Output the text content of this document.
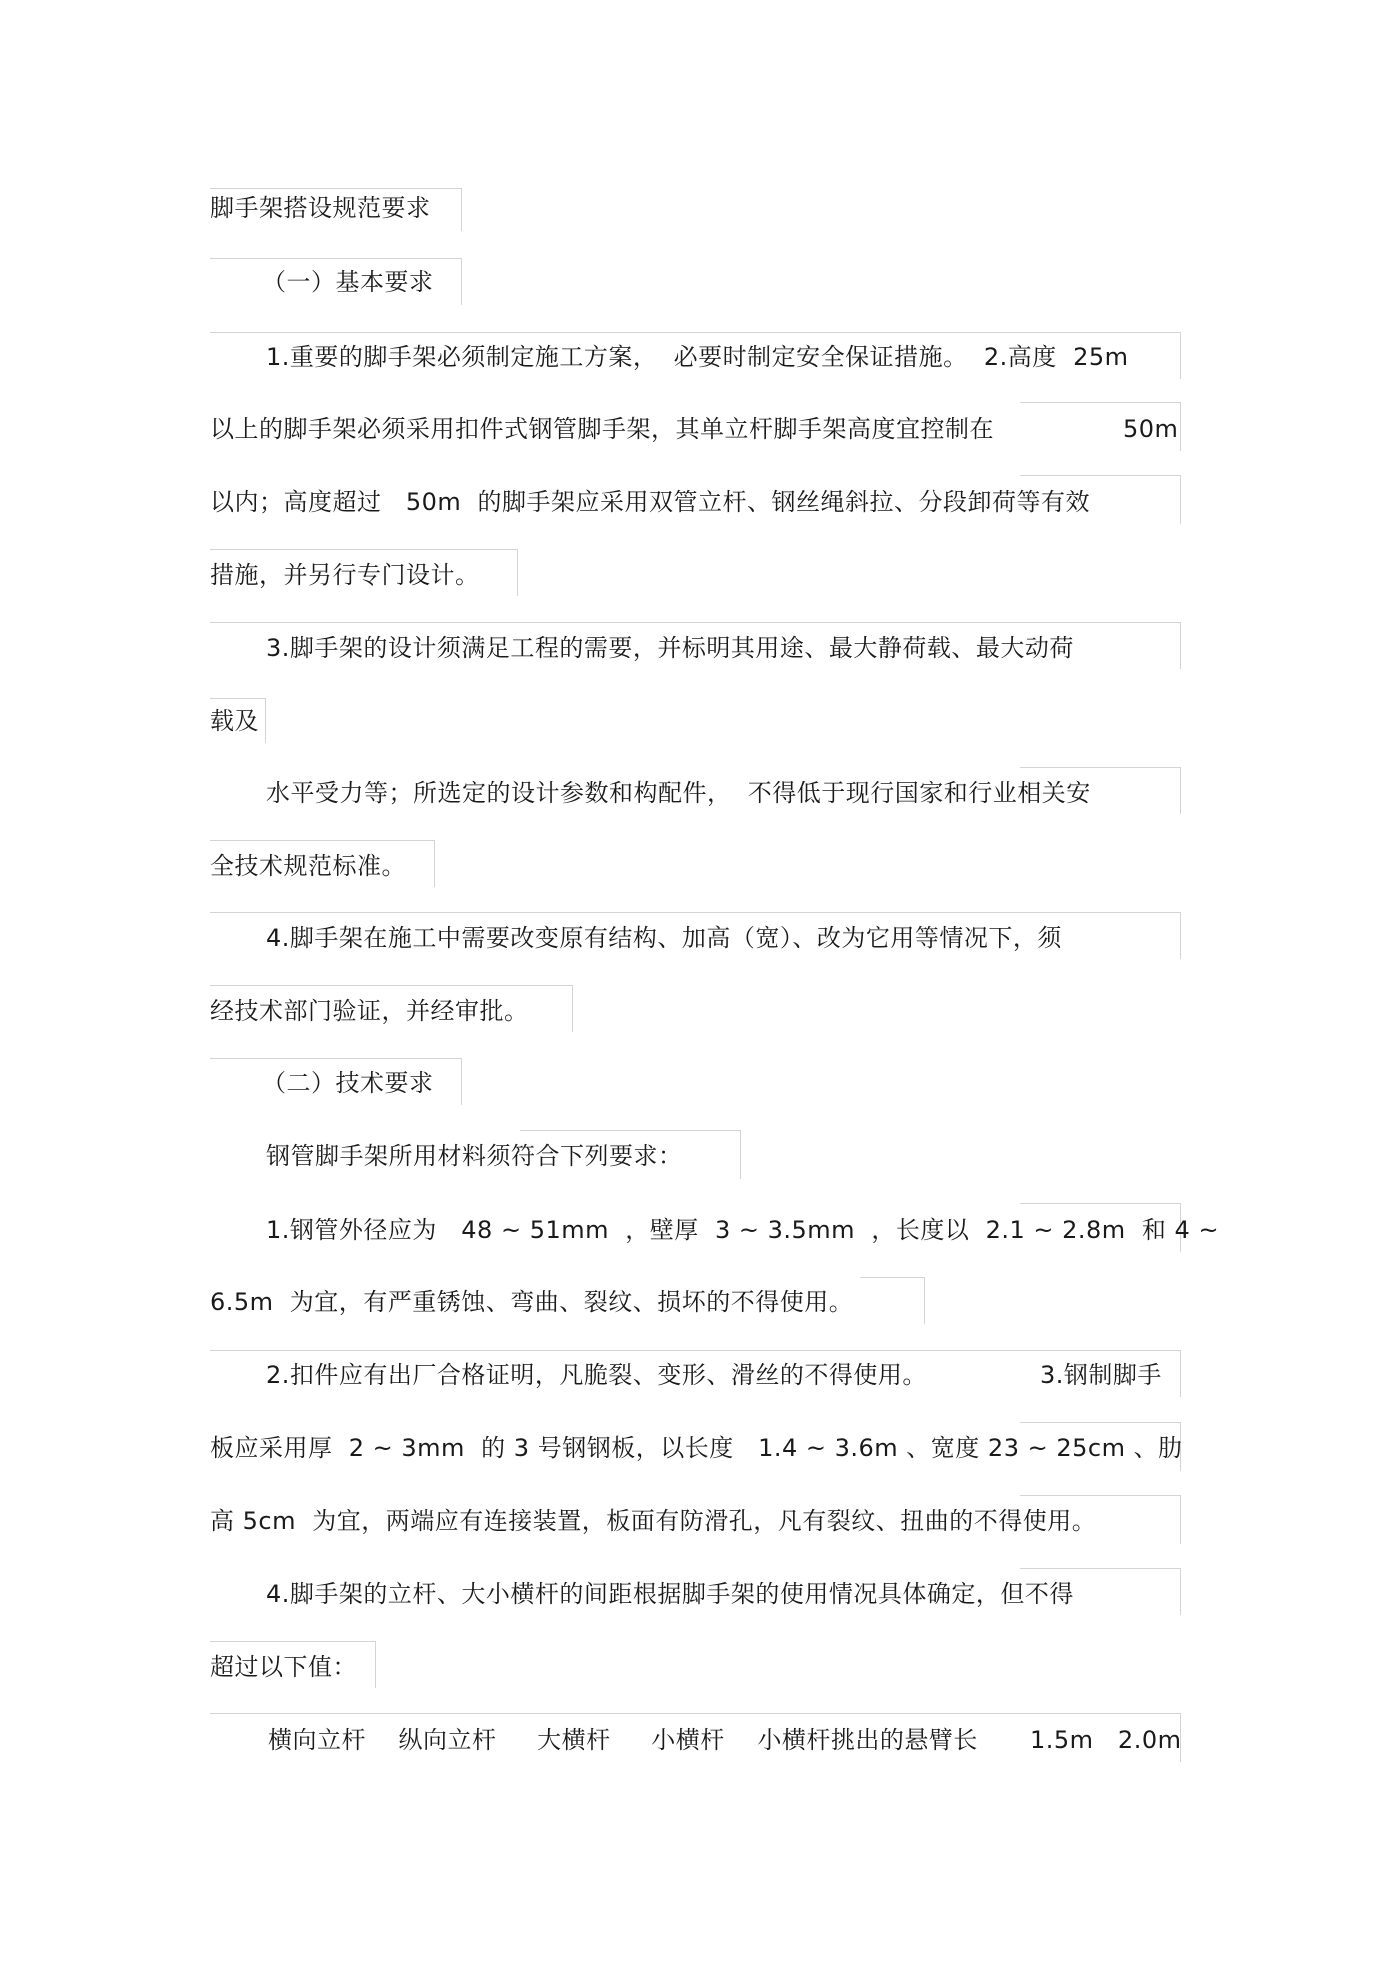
脚手架搭设规范要求
（一）基本要求
1.重要的脚手架必须制定施工方案，  必要时制定安全保证措施。  2.高度  25m
以上的脚手架必须采用扣件式钢管脚手架，其单立杆脚手架高度宜控制在	50m
以内；高度超过   50m  的脚手架应采用双管立杆、钢丝绳斜拉、分段卸荷等有效
措施，并另行专门设计。
3.脚手架的设计须满足工程的需要，并标明其用途、最大静荷载、最大动荷
载及
水平受力等；所选定的设计参数和构配件，  不得低于现行国家和行业相关安
全技术规范标准。
4.脚手架在施工中需要改变原有结构、加高（宽）、改为它用等情况下，须
经技术部门验证，并经审批。
（二）技术要求
钢管脚手架所用材料须符合下列要求：
1.钢管外径应为   48 ~ 51mm  ，壁厚  3 ~ 3.5mm  ，长度以  2.1 ~ 2.8m  和 4 ~
6.5m  为宜，有严重锈蚀、弯曲、裂纹、损坏的不得使用。
2.扣件应有出厂合格证明，凡脆裂、变形、滑丝的不得使用。	3.钢制脚手
板应采用厚  2 ~ 3mm  的 3 号钢钢板，以长度   1.4 ~ 3.6m 、宽度 23 ~ 25cm 、肋
高 5cm  为宜，两端应有连接装置，板面有防滑孔，凡有裂纹、扭曲的不得使用。
4.脚手架的立杆、大小横杆的间距根据脚手架的使用情况具体确定，但不得
超过以下值：
横向立杆    纵向立杆     大横杆     小横杆    小横杆挑出的悬臂长 1.5m   2.0m
